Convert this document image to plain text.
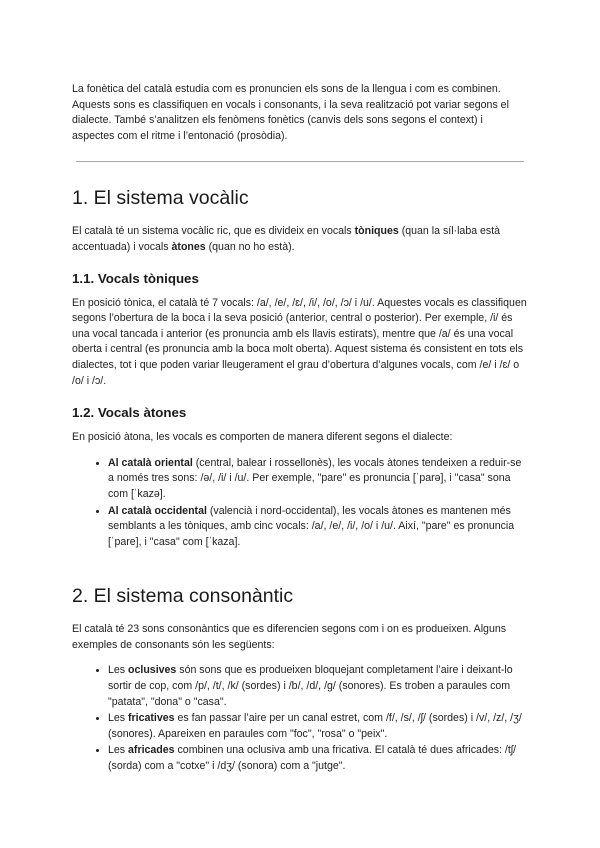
La fonètica del català estudia com es pronuncien els sons de la llengua i com es combinen. Aquests sons es classifiquen en vocals i consonants, i la seva realització pot variar segons el dialecte. També s’analitzen els fenòmens fonètics (canvis dels sons segons el context) i aspectes com el ritme i l’entonació (prosòdia).

1. El sistema vocàlic

El català té un sistema vocàlic ric, que es divideix en vocals tòniques (quan la síl·laba està accentuada) i vocals àtones (quan no ho està).

1.1. Vocals tòniques

En posició tònica, el català té 7 vocals: /a/, /e/, /ɛ/, /i/, /o/, /ɔ/ i /u/. Aquestes vocals es classifiquen segons l’obertura de la boca i la seva posició (anterior, central o posterior). Per exemple, /i/ és una vocal tancada i anterior (es pronuncia amb els llavis estirats), mentre que /a/ és una vocal oberta i central (es pronuncia amb la boca molt oberta). Aquest sistema és consistent en tots els dialectes, tot i que poden variar lleugerament el grau d’obertura d’algunes vocals, com /e/ i /ɛ/ o /o/ i /ɔ/.

1.2. Vocals àtones

En posició àtona, les vocals es comporten de manera diferent segons el dialecte:

• Al català oriental (central, balear i rossellonès), les vocals àtones tendeixen a reduir-se a només tres sons: /ə/, /i/ i /u/. Per exemple, "pare" es pronuncia [ˈparə], i "casa" sona com [ˈkazə].
• Al català occidental (valencià i nord-occidental), les vocals àtones es mantenen més semblants a les tòniques, amb cinc vocals: /a/, /e/, /i/, /o/ i /u/. Així, "pare" es pronuncia [ˈpare], i "casa" com [ˈkaza].
2. El sistema consonàntic

El català té 23 sons consonàntics que es diferencien segons com i on es produeixen. Alguns exemples de consonants són les següents:

• Les oclusives són sons que es produeixen bloquejant completament l’aire i deixant-lo sortir de cop, com /p/, /t/, /k/ (sordes) i /b/, /d/, /g/ (sonores). Es troben a paraules com "patata", "dona" o "casa".
• Les fricatives es fan passar l’aire per un canal estret, com /f/, /s/, /ʃ/ (sordes) i /v/, /z/, /ʒ/ (sonores). Apareixen en paraules com "foc", "rosa" o "peix".
• Les africades combinen una oclusiva amb una fricativa. El català té dues africades: /tʃ/ (sorda) com a "cotxe" i /dʒ/ (sonora) com a "jutge".
